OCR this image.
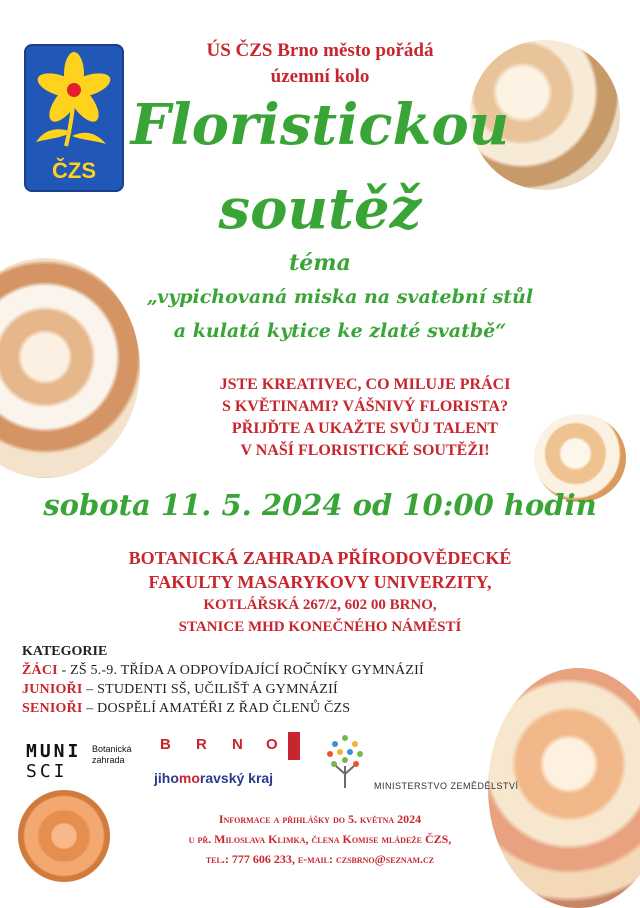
ČZS
ÚS ČZS Brno město pořádá
územní kolo
Floristickou
soutěž
téma
„vypichovaná miska na svatební stůl
a kulatá kytice ke zlaté svatbě“
JSTE KREATIVEC, CO MILUJE PRÁCI
S KVĚTINAMI? VÁŠNIVÝ FLORISTA?
PŘIJĎTE A UKAŽTE SVŮJ TALENT
V NAŠÍ FLORISTICKÉ SOUTĚŽI!
sobota 11. 5. 2024 od 10:00 hodin
BOTANICKÁ ZAHRADA PŘÍRODOVĚDECKÉ
FAKULTY MASARYKOVY UNIVERZITY,
KOTLÁŘSKÁ 267/2, 602 00 BRNO,
STANICE MHD KONEČNÉHO NÁMĚSTÍ
KATEGORIE
ŽÁCI - ZŠ 5.-9. TŘÍDA A ODPOVÍDAJÍCÍ ROČNÍKY GYMNÁZIÍ
JUNIOŘI – STUDENTI SŠ, UČILIŠŤ A GYMNÁZIÍ
SENIOŘI – DOSPĚLÍ AMATÉŘI Z ŘAD ČLENŮ ČZS
MUNI
SCI
Botanická
zahrada
B R N O
jihomoravský kraj	MINISTERSTVO ZEMĚDĚLSTVÍ
Informace a přihlášky do 5. května 2024
u př. Miloslava Klimka, člena Komise mládeže ČZS,
tel.: 777 606 233, e-mail: czsbrno@seznam.cz
